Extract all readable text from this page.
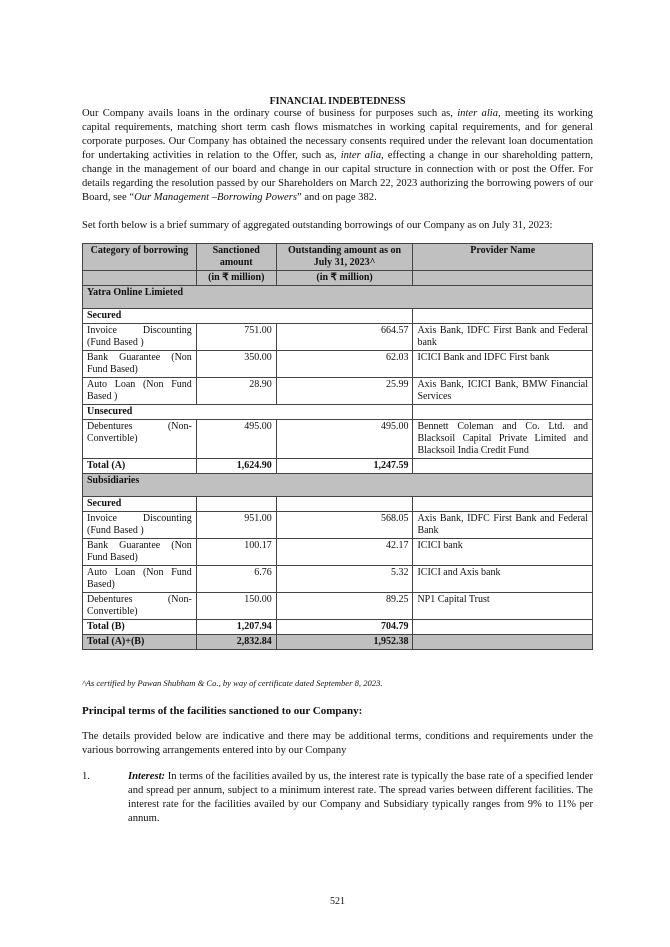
FINANCIAL INDEBTEDNESS
Our Company avails loans in the ordinary course of business for purposes such as, inter alia, meeting its working capital requirements, matching short term cash flows mismatches in working capital requirements, and for general corporate purposes. Our Company has obtained the necessary consents required under the relevant loan documentation for undertaking activities in relation to the Offer, such as, inter alia, effecting a change in our shareholding pattern, change in the management of our board and change in our capital structure in connection with or post the Offer. For details regarding the resolution passed by our Shareholders on March 22, 2023 authorizing the borrowing powers of our Board, see “Our Management –Borrowing Powers” and on page 382.
Set forth below is a brief summary of aggregated outstanding borrowings of our Company as on July 31, 2023:
Category of borrowing	Sanctioned amount	Outstanding amount as on July 31, 2023^	Provider Name
	(in ₹ million)	(in ₹ million)	
Yatra Online Limieted			
Secured			
Invoice Discounting (Fund Based )	751.00	664.57	Axis Bank, IDFC First Bank and Federal bank
Bank Guarantee (Non Fund Based)	350.00	62.03	ICICI Bank and IDFC First bank
Auto Loan (Non Fund Based )	28.90	25.99	Axis Bank, ICICI Bank, BMW Financial Services
Unsecured			
Debentures (Non-Convertible)	495.00	495.00	Bennett Coleman and Co. Ltd. and Blacksoil Capital Private Limited and Blacksoil India Credit Fund
Total (A)	1,624.90	1,247.59	
Subsidiaries			
Secured			
Invoice Discounting (Fund Based )	951.00	568.05	Axis Bank, IDFC First Bank and Federal Bank
Bank Guarantee (Non Fund Based)	100.17	42.17	ICICI bank
Auto Loan (Non Fund Based)	6.76	5.32	ICICI and Axis bank
Debentures (Non-Convertible)	150.00	89.25	NP1 Capital Trust
Total (B)	1,207.94	704.79	
Total (A)+(B)	2,832.84	1,952.38	
^As certified by Pawan Shubham & Co., by way of certificate dated September 8, 2023.
Principal terms of the facilities sanctioned to our Company:
The details provided below are indicative and there may be additional terms, conditions and requirements under the various borrowing arrangements entered into by our Company
1.	Interest: In terms of the facilities availed by us, the interest rate is typically the base rate of a specified lender and spread per annum, subject to a minimum interest rate. The spread varies between different facilities. The interest rate for the facilities availed by our Company and Subsidiary typically ranges from 9% to 11% per annum.
521
